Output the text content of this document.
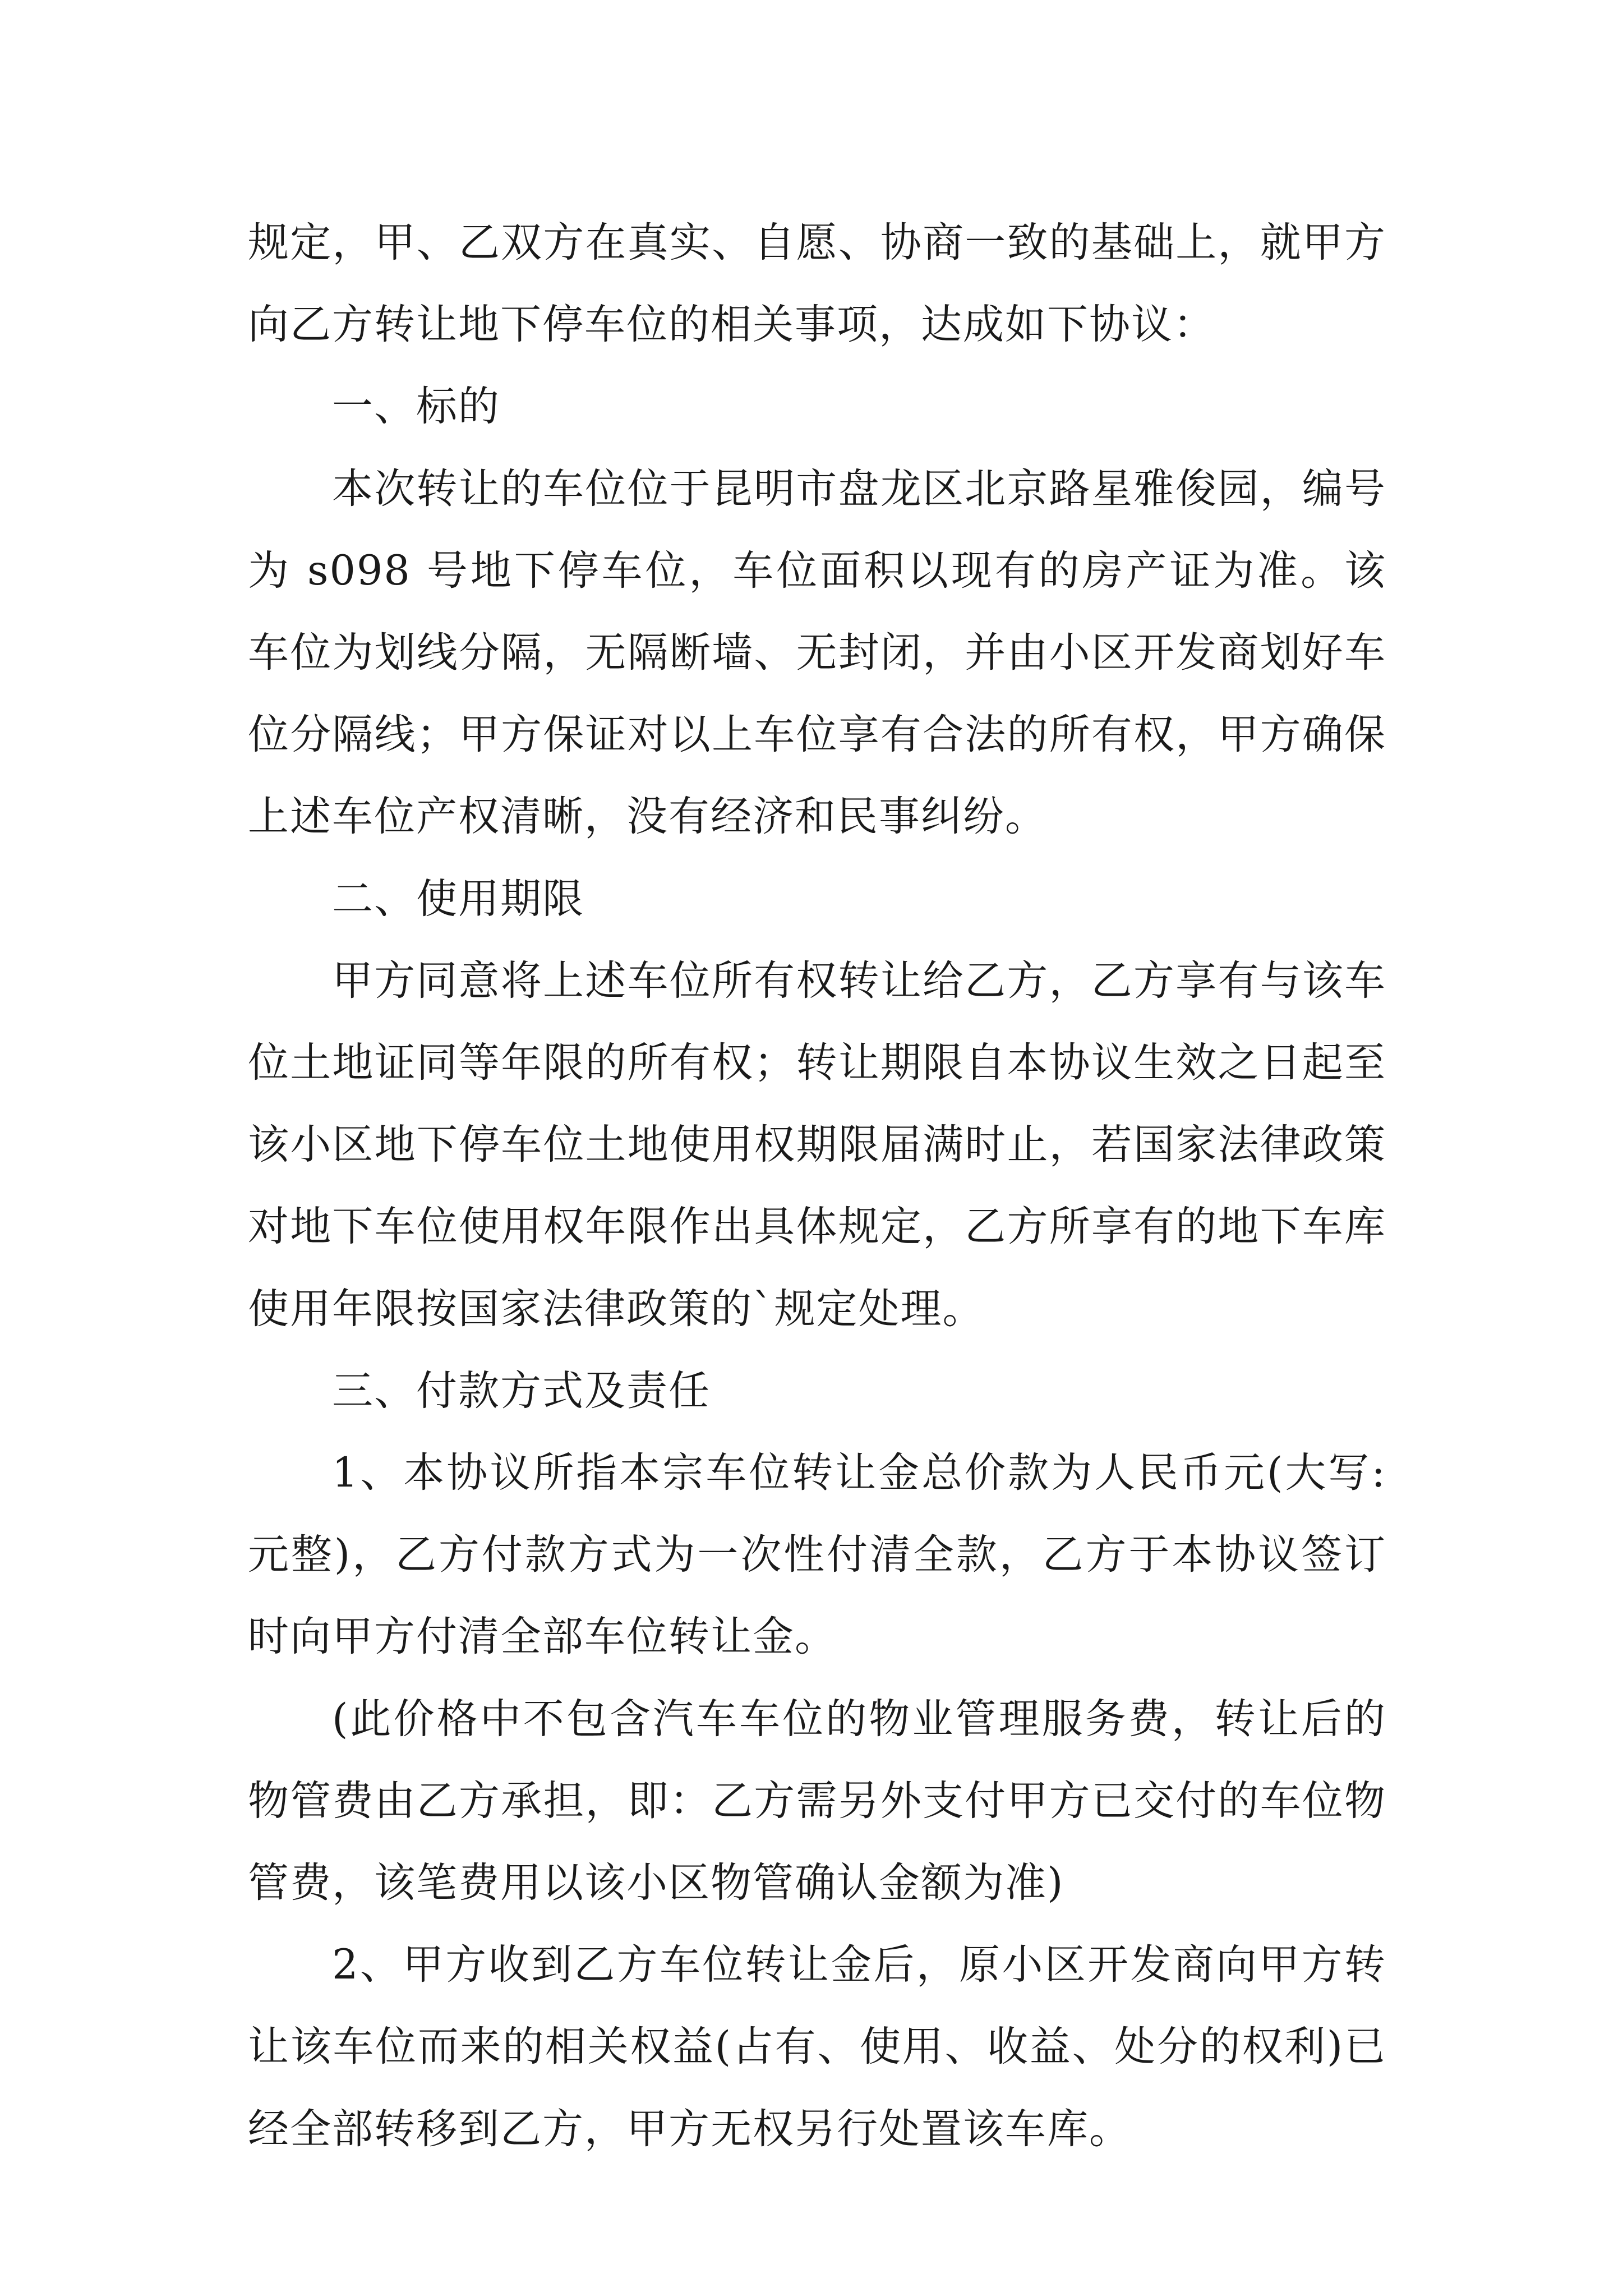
规定，甲、乙双方在真实、自愿、协商一致的基础上，就甲方向乙方转让地下停车位的相关事项，达成如下协议：

一、标的

本次转让的车位位于昆明市盘龙区北京路星雅俊园，编号为 s098 号地下停车位，车位面积以现有的房产证为准。该车位为划线分隔，无隔断墙、无封闭，并由小区开发商划好车位分隔线；甲方保证对以上车位享有合法的所有权，甲方确保上述车位产权清晰，没有经济和民事纠纷。

二、使用期限

甲方同意将上述车位所有权转让给乙方，乙方享有与该车位土地证同等年限的所有权；转让期限自本协议生效之日起至该小区地下停车位土地使用权期限届满时止，若国家法律政策对地下车位使用权年限作出具体规定，乙方所享有的地下车库使用年限按国家法律政策的`规定处理。

三、付款方式及责任

1、本协议所指本宗车位转让金总价款为人民币元(大写:元整)，乙方付款方式为一次性付清全款，乙方于本协议签订时向甲方付清全部车位转让金。

(此价格中不包含汽车车位的物业管理服务费，转让后的物管费由乙方承担，即：乙方需另外支付甲方已交付的车位物管费，该笔费用以该小区物管确认金额为准)

2、甲方收到乙方车位转让金后，原小区开发商向甲方转让该车位而来的相关权益(占有、使用、收益、处分的权利)已经全部转移到乙方，甲方无权另行处置该车库。
